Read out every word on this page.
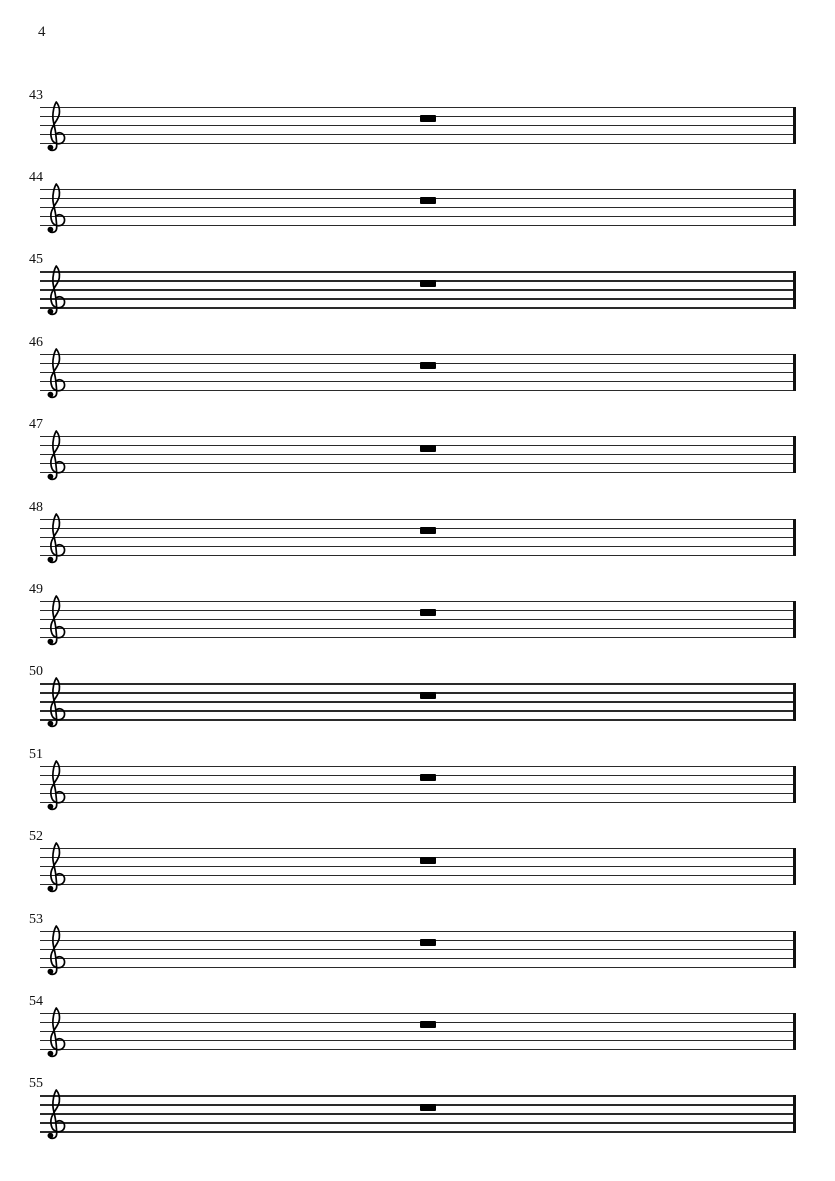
4
43
44
45
46
47
48
49
50
51
52
53
54
55
